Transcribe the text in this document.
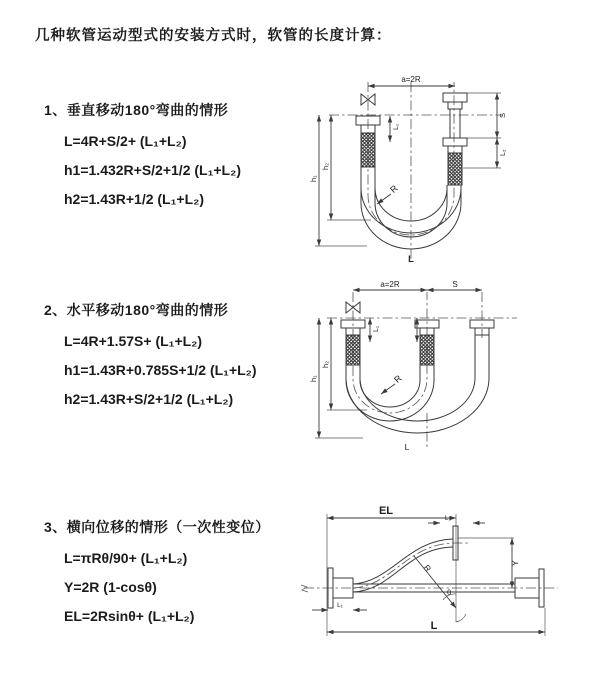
几种软管运动型式的安装方式时，软管的长度计算：
1、垂直移动180°弯曲的情形
L=4R+S/2+ (L₁+L₂)
h1=1.432R+S/2+1/2 (L₁+L₂)
h2=1.43R+1/2 (L₁+L₂)
a=2R
h₁
h₂
L₁
S
L₂
R
L
2、水平移动180°弯曲的情形
L=4R+1.57S+ (L₁+L₂)
h1=1.43R+0.785S+1/2 (L₁+L₂)
h2=1.43R+S/2+1/2 (L₁+L₂)
a=2R	S
h₁
h₂
L₁
R
L
3、横向位移的情形（一次性变位）
L=πRθ/90+ (L₁+L₂)
Y=2R (1-cosθ)
EL=2Rsinθ+ (L₁+L₂)
EL
L₂
Y
R
θ
L₁
L
